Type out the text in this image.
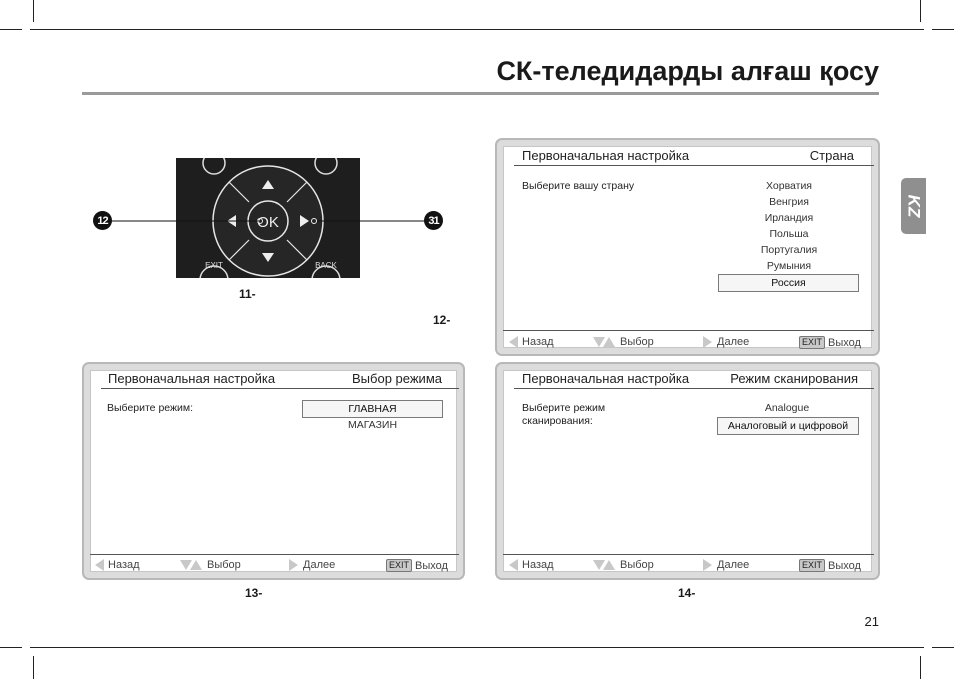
СК-теледидарды алғаш қосу
KZ
OK
EXIT	BACK
12	31
11-
12-
Первоначальная настройка	Страна
Выберите вашу страну	Хорватия
Венгрия
Ирландия
Польша
Португалия
Румыния
Россия
Назад	Выбор	Далее	EXIT Выход
Первоначальная настройка	Выбор режима
Выберите режим:	ГЛАВНАЯ
МАГАЗИН
Назад	Выбор	Далее	EXIT Выход
13-
Первоначальная настройка	Режим сканирования
Выберите режим
сканирования:
Analogue
Аналоговый и цифровой
Назад	Выбор	Далее	EXIT Выход
14-
21
